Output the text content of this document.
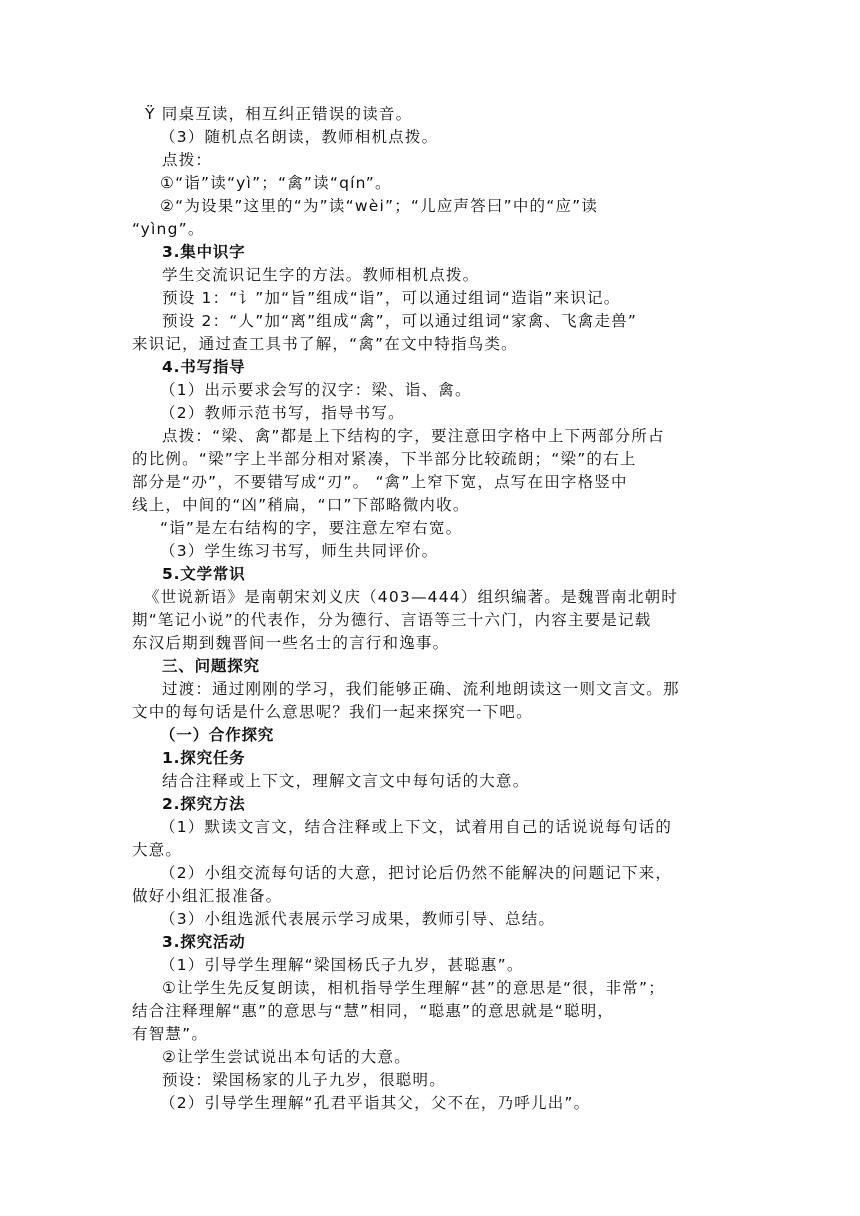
Ÿ 同桌互读，相互纠正错误的读音。
（3）随机点名朗读，教师相机点拨。
点拨：
①“诣”读“yì”；“禽”读“qín”。
②“为设果”这里的“为”读“wèi”；“儿应声答曰”中的“应”读
“yìng”。
3.集中识字
学生交流识记生字的方法。教师相机点拨。
预设 1：“讠”加“旨”组成“诣”，可以通过组词“造诣”来识记。
预设 2：“人”加“离”组成“禽”，可以通过组词“家禽、飞禽走兽”
来识记，通过查工具书了解，“禽”在文中特指鸟类。
4.书写指导
（1）出示要求会写的汉字：梁、诣、禽。
（2）教师示范书写，指导书写。
点拨：“梁、禽”都是上下结构的字，要注意田字格中上下两部分所占
的比例。“梁”字上半部分相对紧凑，下半部分比较疏朗；“梁”的右上
部分是“刅”，不要错写成“刃”。 “禽”上窄下宽，点写在田字格竖中
线上，中间的“凶”稍扁，“口”下部略微内收。
“诣”是左右结构的字，要注意左窄右宽。
（3）学生练习书写，师生共同评价。
5.文学常识
《世说新语》是南朝宋刘义庆（403—444）组织编著。是魏晋南北朝时
期“笔记小说”的代表作，分为德行、言语等三十六门，内容主要是记载
东汉后期到魏晋间一些名士的言行和逸事。
三、问题探究
过渡：通过刚刚的学习，我们能够正确、流利地朗读这一则文言文。那
文中的每句话是什么意思呢？我们一起来探究一下吧。
（一）合作探究
1.探究任务
结合注释或上下文，理解文言文中每句话的大意。
2.探究方法
（1）默读文言文，结合注释或上下文，试着用自己的话说说每句话的
大意。
（2）小组交流每句话的大意，把讨论后仍然不能解决的问题记下来，
做好小组汇报准备。
（3）小组选派代表展示学习成果，教师引导、总结。
3.探究活动
（1）引导学生理解“梁国杨氏子九岁，甚聪惠”。
①让学生先反复朗读，相机指导学生理解“甚”的意思是“很，非常”；
结合注释理解“惠”的意思与“慧”相同，“聪惠”的意思就是“聪明，
有智慧”。
②让学生尝试说出本句话的大意。
预设：梁国杨家的儿子九岁，很聪明。
（2）引导学生理解“孔君平诣其父，父不在，乃呼儿出”。
